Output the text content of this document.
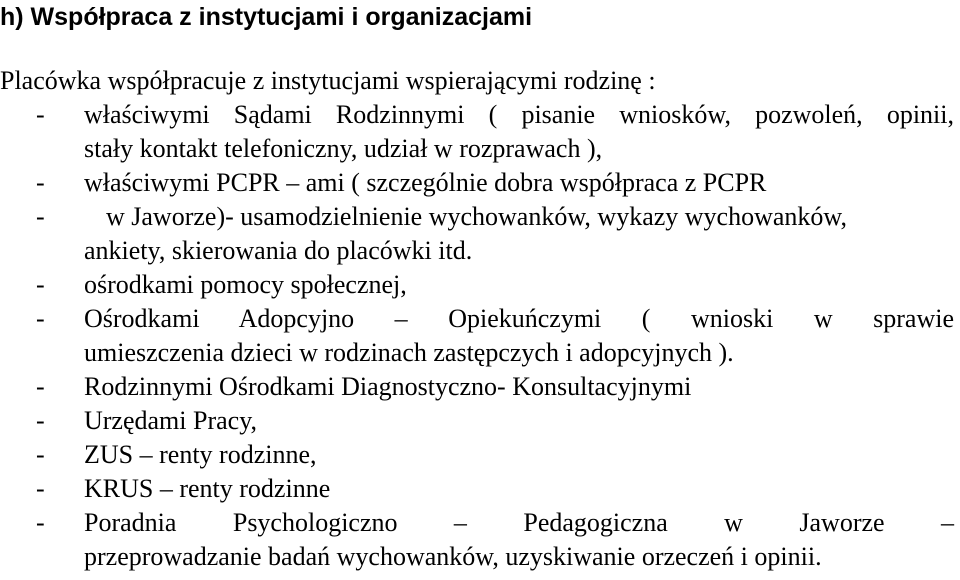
h) Współpraca z instytucjami i organizacjami
Placówka współpracuje z instytucjami wspierającymi rodzinę :
- właściwymi Sądami Rodzinnymi ( pisanie wniosków, pozwoleń, opinii,
stały kontakt telefoniczny, udział w rozprawach ),
- właściwymi PCPR – ami ( szczególnie dobra współpraca z PCPR
- w Jaworze)- usamodzielnienie wychowanków, wykazy wychowanków,
ankiety, skierowania do placówki itd.
- ośrodkami pomocy społecznej,
- Ośrodkami Adopcyjno – Opiekuńczymi ( wnioski w sprawie
umieszczenia dzieci w rodzinach zastępczych i adopcyjnych ).
- Rodzinnymi Ośrodkami Diagnostyczno- Konsultacyjnymi
- Urzędami Pracy,
- ZUS – renty rodzinne,
- KRUS – renty rodzinne
- Poradnia Psychologiczno – Pedagogiczna w Jaworze –
przeprowadzanie badań wychowanków, uzyskiwanie orzeczeń i opinii.
